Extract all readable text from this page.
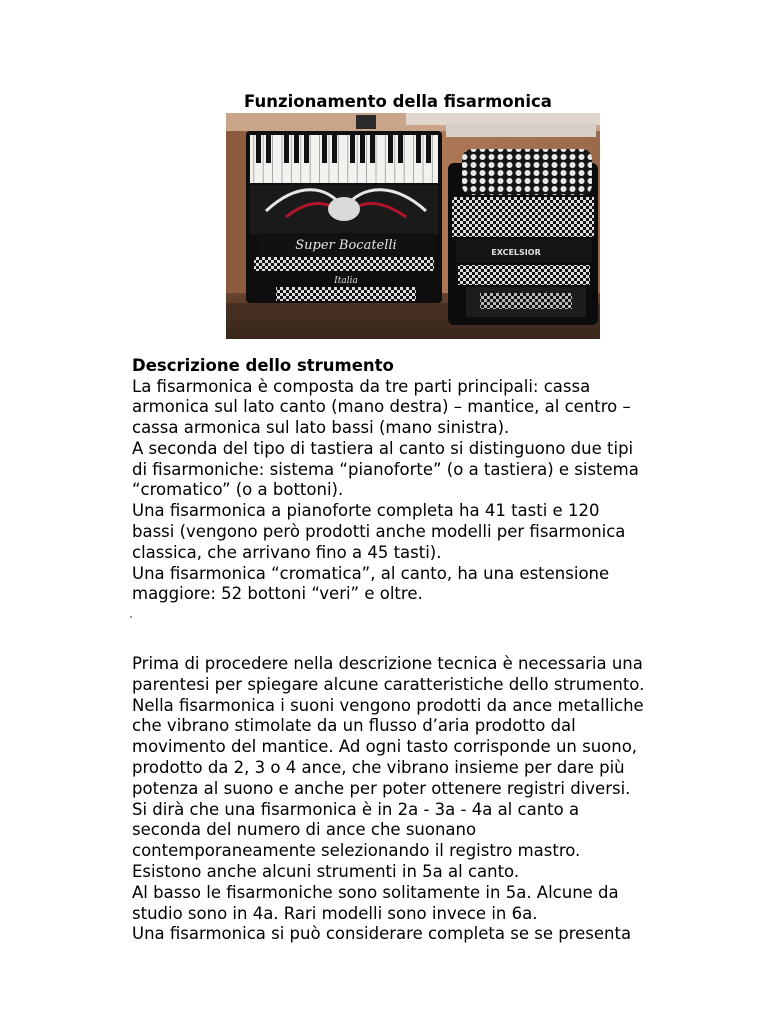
Funzionamento della fisarmonica
Super Bocatelli
Italia
EXCELSIOR
Descrizione dello strumento

La fisarmonica è composta da tre parti principali: cassa
armonica sul lato canto (mano destra) – mantice, al centro –
cassa armonica sul lato bassi (mano sinistra).

A seconda del tipo di tastiera al canto si distinguono due tipi
di fisarmoniche: sistema “pianoforte” (o a tastiera) e sistema
“cromatico” (o a bottoni).

Una fisarmonica a pianoforte completa ha 41 tasti e 120
bassi (vengono però prodotti anche modelli per fisarmonica
classica, che arrivano fino a 45 tasti).

Una fisarmonica “cromatica”, al canto, ha una estensione
maggiore: 52 bottoni “veri” e oltre.

Prima di procedere nella descrizione tecnica è necessaria una
parentesi per spiegare alcune caratteristiche dello strumento.

Nella fisarmonica i suoni vengono prodotti da ance metalliche
che vibrano stimolate da un flusso d’aria prodotto dal
movimento del mantice. Ad ogni tasto corrisponde un suono,
prodotto da 2, 3 o 4 ance, che vibrano insieme per dare più
potenza al suono e anche per poter ottenere registri diversi.

Si dirà che una fisarmonica è in 2a - 3a - 4a al canto a
seconda del numero di ance che suonano
contemporaneamente selezionando il registro mastro.

Esistono anche alcuni strumenti in 5a al canto.

Al basso le fisarmoniche sono solitamente in 5a. Alcune da
studio sono in 4a. Rari modelli sono invece in 6a.

Una fisarmonica si può considerare completa se se presenta
